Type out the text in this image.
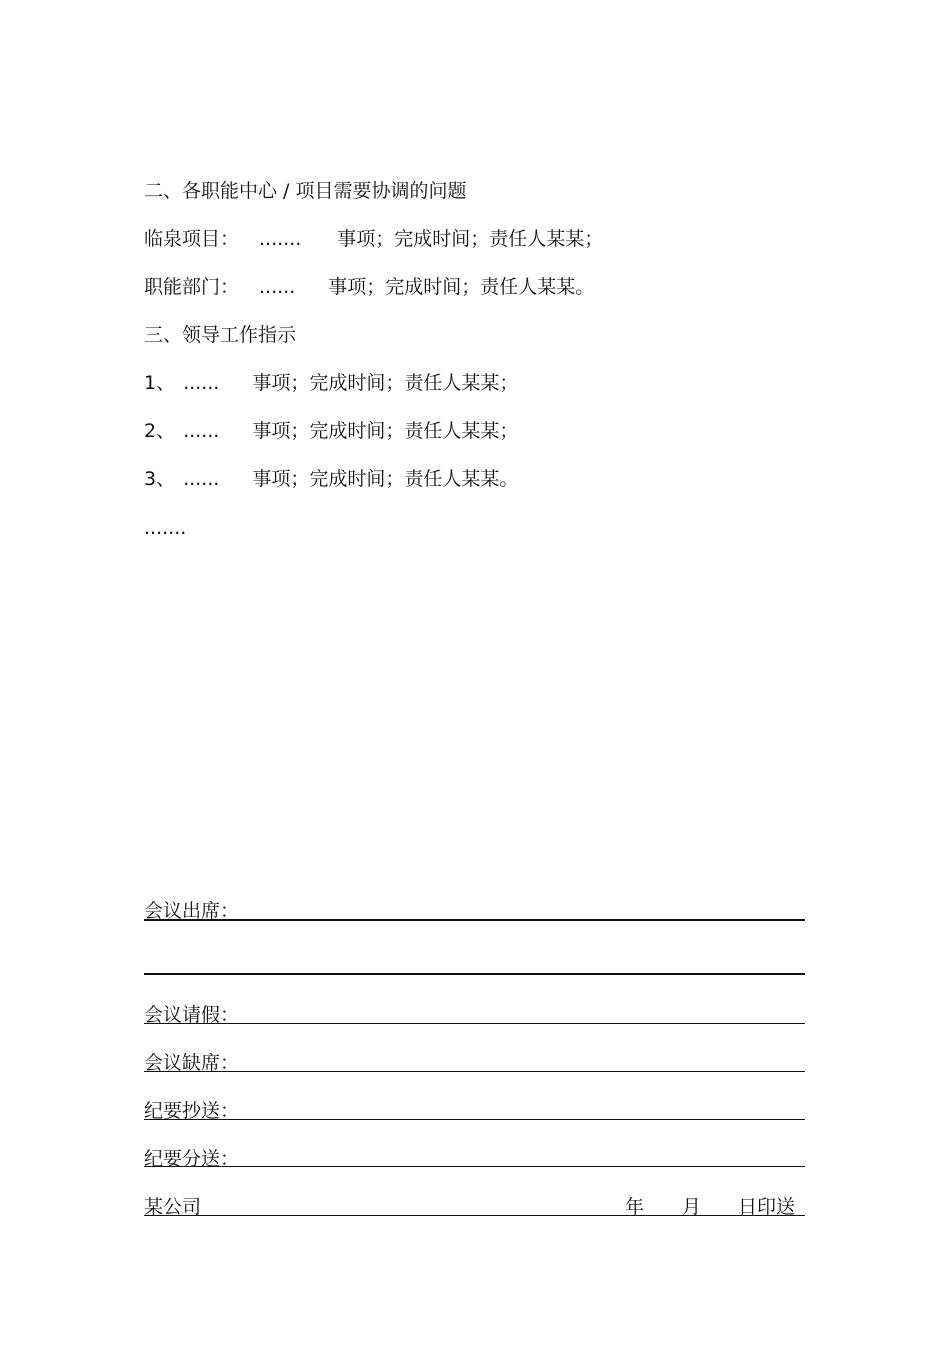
二、各职能中心 / 项目需要协调的问题
临泉项目： ....... 事项；完成时间；责任人某某；
职能部门： ...... 事项；完成时间；责任人某某。
三、领导工作指示
1、 ...... 事项；完成时间；责任人某某；
2、 ...... 事项；完成时间；责任人某某；
3、 ...... 事项；完成时间；责任人某某。
.......
会议出席：
会议请假：
会议缺席：
纪要抄送：
纪要分送：

某公司

	年

月

日印送
